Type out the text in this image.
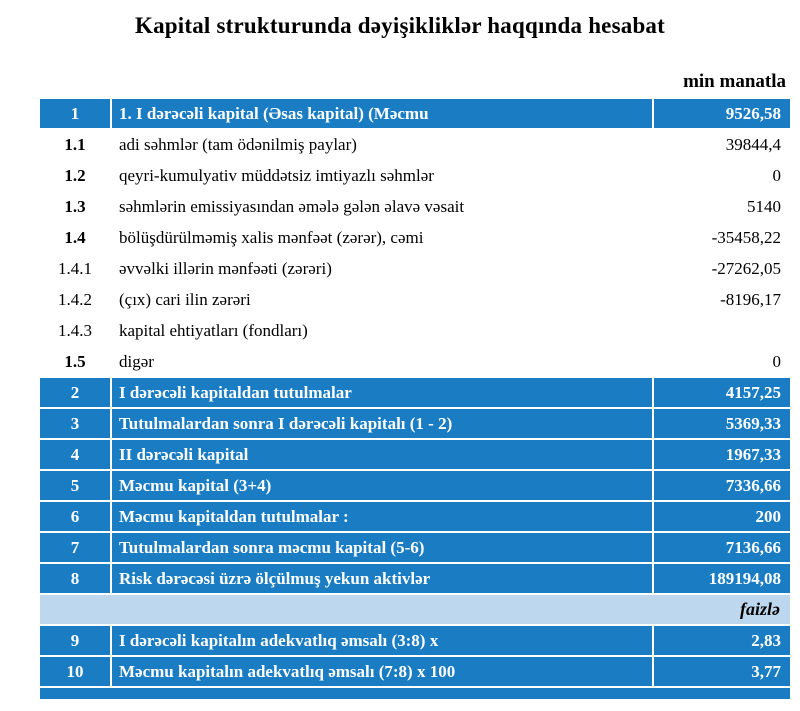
Kapital strukturunda dəyişikliklər haqqında hesabat
min manatla
1	1. I dərəcəli kapital (Əsas kapital) (Məcmu	9526,58
1.1	adi səhmlər (tam ödənilmiş paylar)	39844,4
1.2	qeyri-kumulyativ müddətsiz imtiyazlı səhmlər	0
1.3	səhmlərin emissiyasından əmələ gələn əlavə vəsait	5140
1.4	bölüşdürülməmiş xalis mənfəət (zərər), cəmi	-35458,22
1.4.1	əvvəlki illərin mənfəəti (zərəri)	-27262,05
1.4.2	(çıx) cari ilin zərəri	-8196,17
1.4.3	kapital ehtiyatları (fondları)
1.5	digər	0
2	I dərəcəli kapitaldan tutulmalar	4157,25
3	Tutulmalardan sonra I dərəcəli kapitalı (1 - 2)	5369,33
4	II dərəcəli kapital	1967,33
5	Məcmu kapital (3+4)	7336,66
6	Məcmu kapitaldan tutulmalar :	200
7	Tutulmalardan sonra məcmu kapital (5-6)	7136,66
8	Risk dərəcəsi üzrə ölçülmuş yekun aktivlər	189194,08
faizlə
9	I dərəcəli kapitalın adekvatlıq əmsalı (3:8) x	2,83
10	Məcmu kapitalın adekvatlıq əmsalı (7:8) x 100	3,77
